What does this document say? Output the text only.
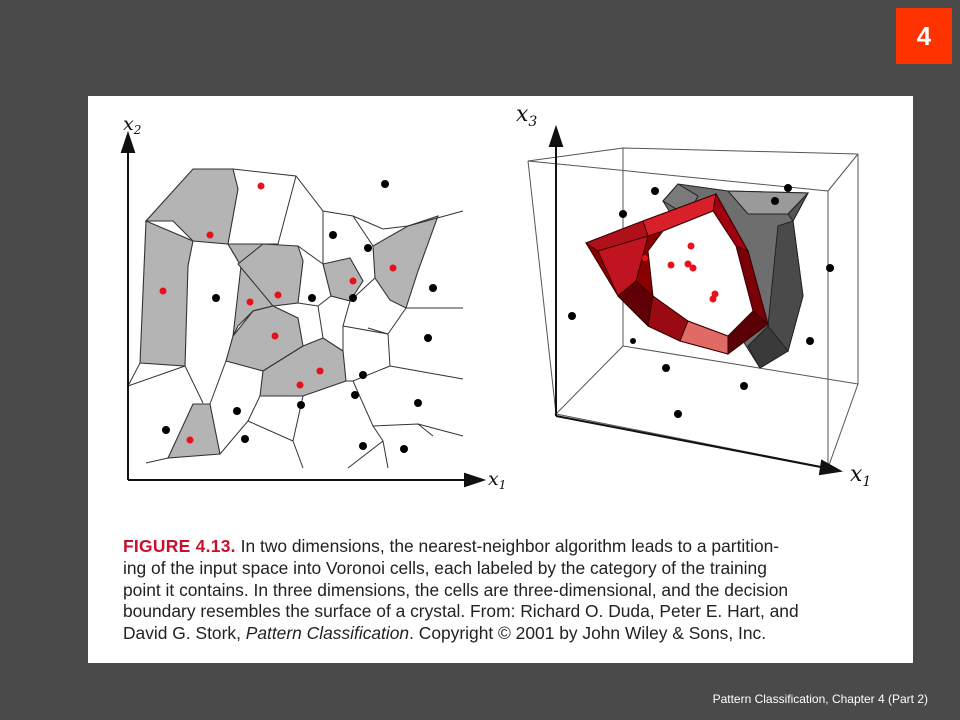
4
$x_2$
$x_1$
$x_3$
$x_1$
FIGURE 4.13. In two dimensions, the nearest-neighbor algorithm leads to a partition-
ing of the input space into Voronoi cells, each labeled by the category of the training
point it contains. In three dimensions, the cells are three-dimensional, and the decision
boundary resembles the surface of a crystal. From: Richard O. Duda, Peter E. Hart, and
David G. Stork, Pattern Classification. Copyright © 2001 by John Wiley & Sons, Inc.
Pattern Classification, Chapter 4 (Part 2)
